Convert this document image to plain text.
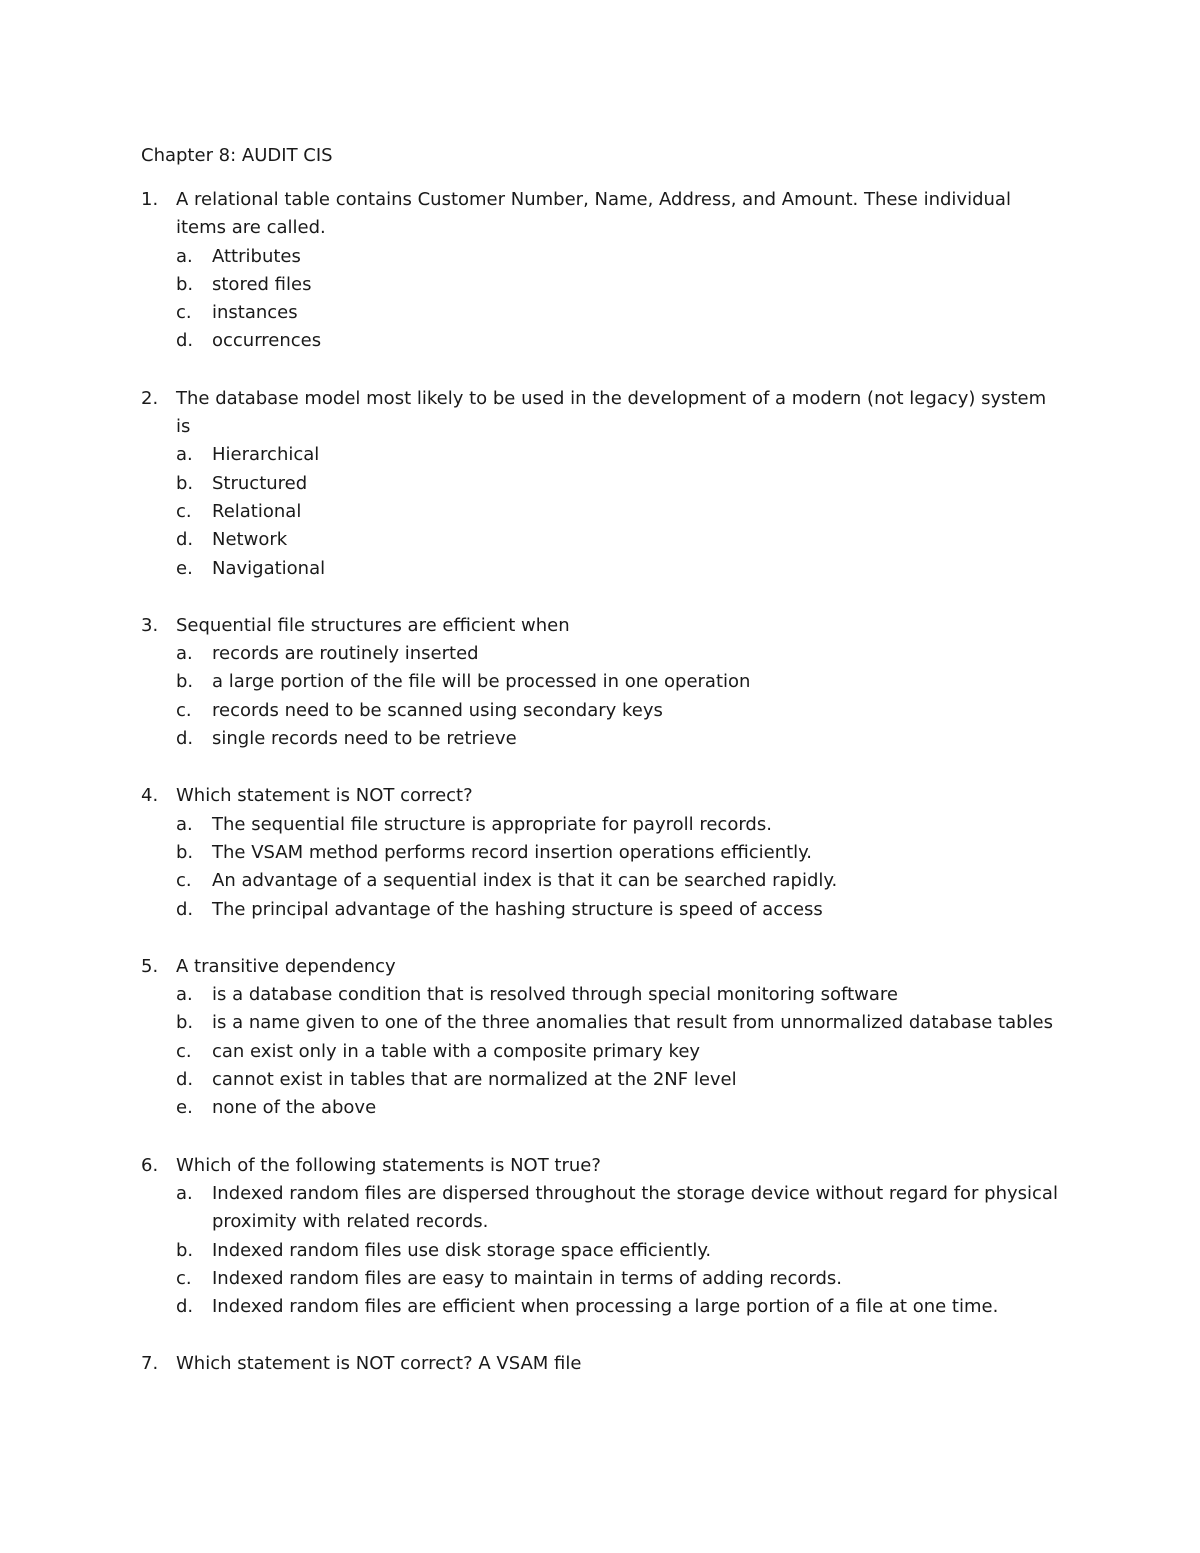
Chapter 8: AUDIT CIS
1. A relational table contains Customer Number, Name, Address, and Amount. These individual items are called.
a. Attributes
b. stored files
c. instances
d. occurrences
2. The database model most likely to be used in the development of a modern (not legacy) system is
a. Hierarchical
b. Structured
c. Relational
d. Network
e. Navigational
3. Sequential file structures are efficient when
a. records are routinely inserted
b. a large portion of the file will be processed in one operation
c. records need to be scanned using secondary keys
d. single records need to be retrieve
4. Which statement is NOT correct?
a. The sequential file structure is appropriate for payroll records.
b. The VSAM method performs record insertion operations efficiently.
c. An advantage of a sequential index is that it can be searched rapidly.
d. The principal advantage of the hashing structure is speed of access
5. A transitive dependency
a. is a database condition that is resolved through special monitoring software
b. is a name given to one of the three anomalies that result from unnormalized database tables
c. can exist only in a table with a composite primary key
d. cannot exist in tables that are normalized at the 2NF level
e. none of the above
6. Which of the following statements is NOT true?
a. Indexed random files are dispersed throughout the storage device without regard for physical proximity with related records.
b. Indexed random files use disk storage space efficiently.
c. Indexed random files are easy to maintain in terms of adding records.
d. Indexed random files are efficient when processing a large portion of a file at one time.
7. Which statement is NOT correct? A VSAM file
